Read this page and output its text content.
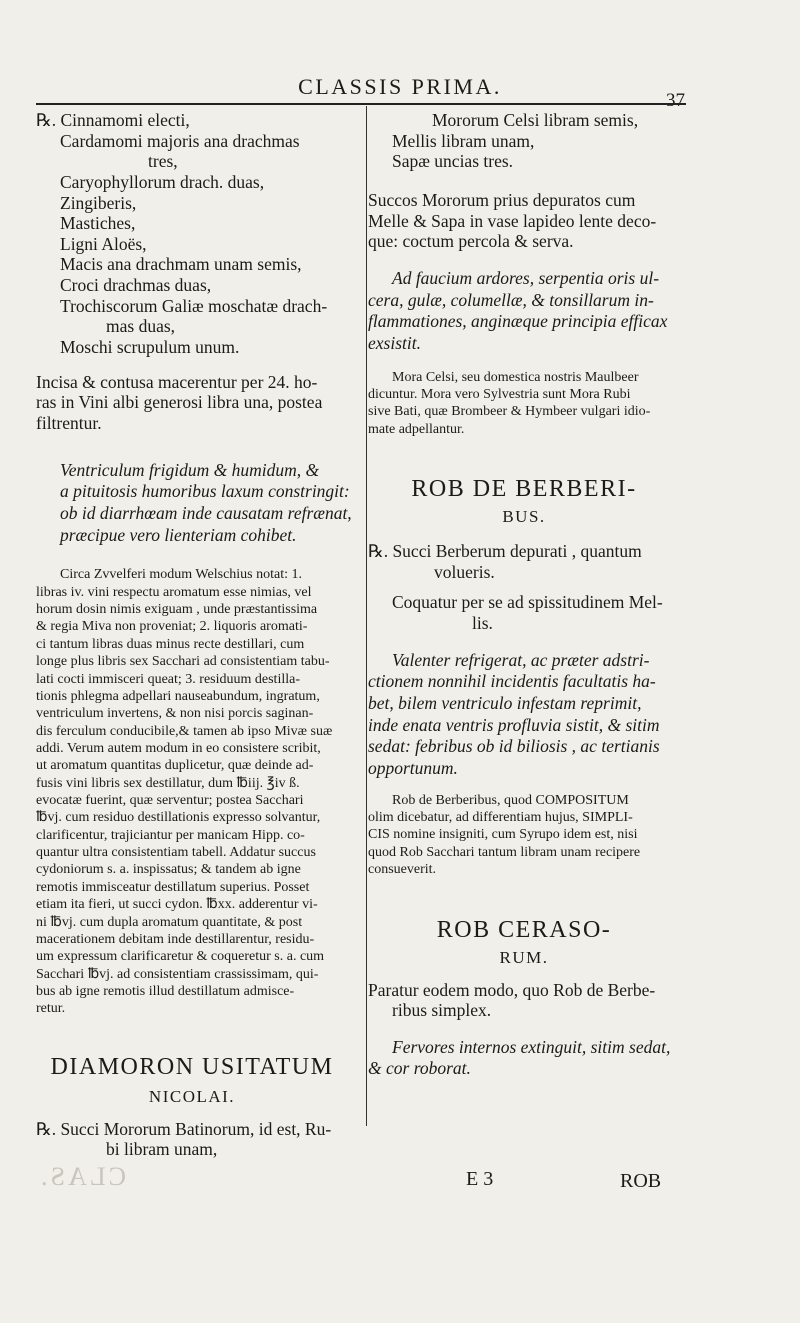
CLASSIS PRIMA.
37
℞. Cinnamomi electi,
Cardamomi majoris ana drachmas
tres,
Caryophyllorum drach. duas,
Zingiberis,
Mastiches,
Ligni Aloës,
Macis ana drachmam unam semis,
Croci drachmas duas,
Trochiscorum Galiæ moschatæ drach-
mas duas,
Moschi scrupulum unum.
Incisa & contusa macerentur per 24. ho-
ras in Vini albi generosi libra una, postea
filtrentur.
Ventriculum frigidum & humidum, &
a pituitosis humoribus laxum constringit:
ob id diarrhœam inde causatam refrænat,
præcipue vero lienteriam cohibet.
Circa Zvvelferi modum Welschius notat: 1.
libras iv. vini respectu aromatum esse nimias, vel
horum dosin nimis exiguam , unde præstantissima
& regia Miva non proveniat; 2. liquoris aromati-
ci tantum libras duas minus recte destillari, cum
longe plus libris sex Sacchari ad consistentiam tabu-
lati cocti immisceri queat; 3. residuum destilla-
tionis phlegma adpellari nauseabundum, ingratum,
ventriculum invertens, & non nisi porcis saginan-
dis ferculum conducibile,& tamen ab ipso Mivæ suæ
addi. Verum autem modum in eo consistere scribit,
ut aromatum quantitas duplicetur, quæ deinde ad-
fusis vini libris sex destillatur, dum ℔iij. ℥iv ß.
evocatæ fuerint, quæ serventur; postea Sacchari
℔vj. cum residuo destillationis expresso solvantur,
clarificentur, trajiciantur per manicam Hipp. co-
quantur ultra consistentiam tabell. Addatur succus
cydoniorum s. a. inspissatus; & tandem ab igne
remotis immisceatur destillatum superius. Posset
etiam ita fieri, ut succi cydon. ℔xx. adderentur vi-
ni ℔vj. cum dupla aromatum quantitate, & post
macerationem debitam inde destillarentur, residu-
um expressum clarificaretur & coqueretur s. a. cum
Sacchari ℔vj. ad consistentiam crassissimam, qui-
bus ab igne remotis illud destillatum admisce-
retur.
DIAMORON USITATUM
NICOLAI.
℞. Succi Mororum Batinorum, id est, Ru-
bi libram unam,
Mororum Celsi libram semis,
Mellis libram unam,
Sapæ uncias tres.
Succos Mororum prius depuratos cum
Melle & Sapa in vase lapideo lente deco-
que: coctum percola & serva.
Ad faucium ardores, serpentia oris ul-
cera, gulæ, columellæ, & tonsillarum in-
flammationes, anginæque principia efficax
exsistit.
Mora Celsi, seu domestica nostris Maulbeer
dicuntur. Mora vero Sylvestria sunt Mora Rubi
sive Bati, quæ Brombeer & Hymbeer vulgari idio-
mate adpellantur.
ROB DE BERBERI-
BUS.
℞. Succi Berberum depurati , quantum
volueris.
Coquatur per se ad spissitudinem Mel-
lis.
Valenter refrigerat, ac præter adstri-
ctionem nonnihil incidentis facultatis ha-
bet, bilem ventriculo infestam reprimit,
inde enata ventris profluvia sistit, & sitim
sedat: febribus ob id biliosis , ac tertianis
opportunum.
Rob de Berberibus, quod COMPOSITUM
olim dicebatur, ad differentiam hujus, SIMPLI-
CIS nomine insigniti, cum Syrupo idem est, nisi
quod Rob Sacchari tantum libram unam recipere
consueverit.
ROB CERASO-
RUM.
Paratur eodem modo, quo Rob de Berbe-
ribus simplex.
Fervores internos extinguit, sitim sedat,
& cor roborat.
CLAS.	E 3	ROB
